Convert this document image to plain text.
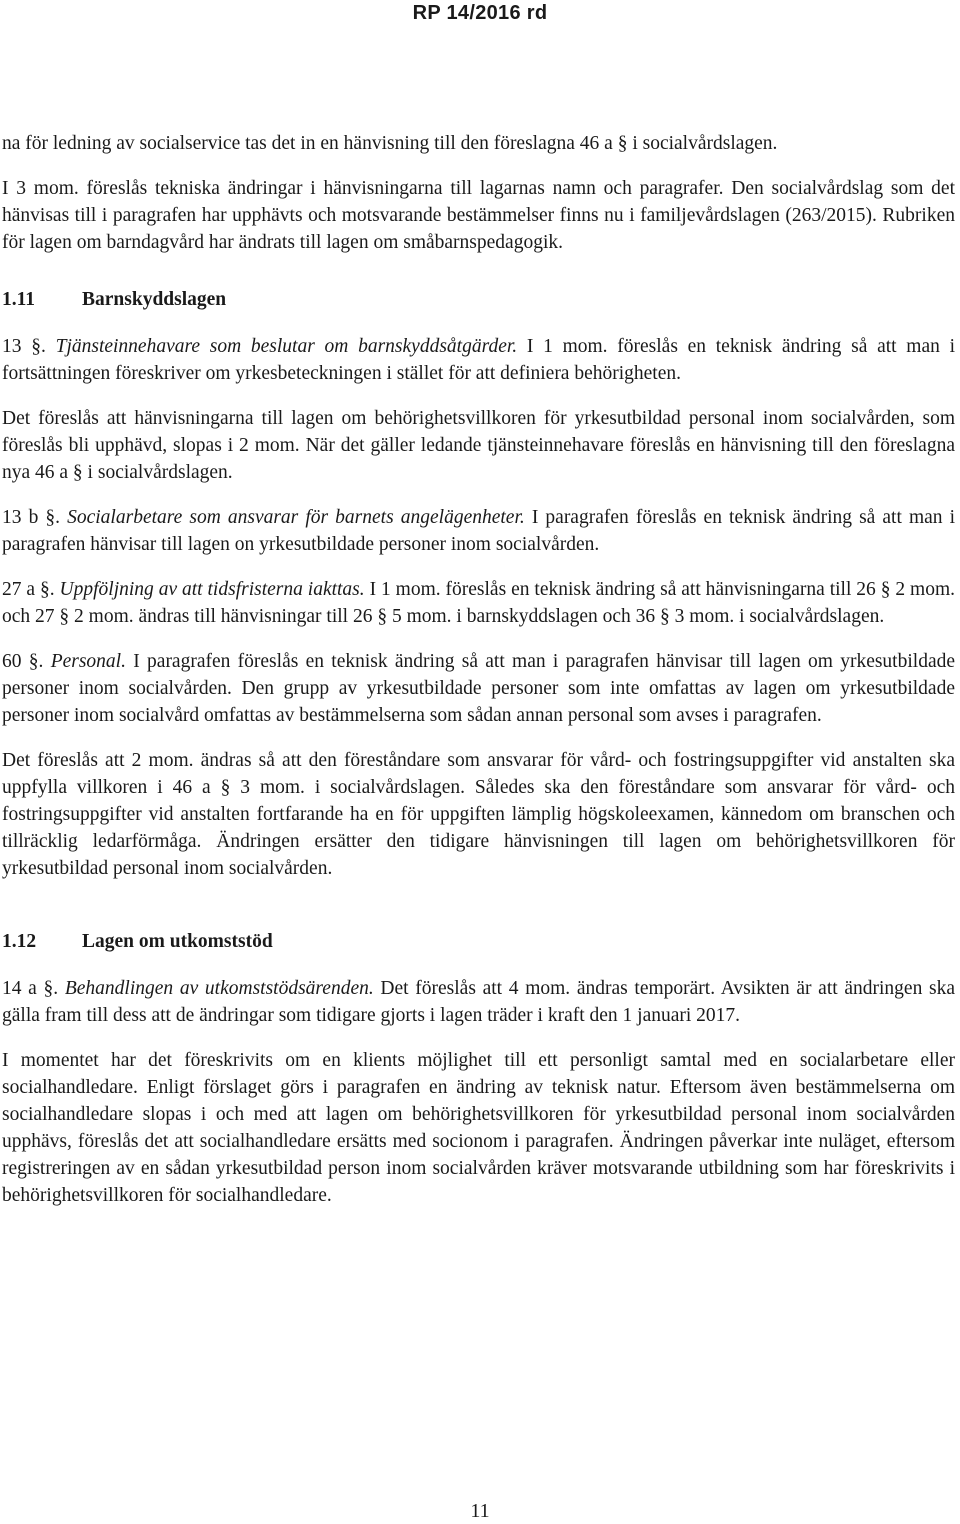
RP 14/2016 rd

na för ledning av socialservice tas det in en hänvisning till den föreslagna 46 a § i socialvårdslagen.

I 3 mom. föreslås tekniska ändringar i hänvisningarna till lagarnas namn och paragrafer. Den socialvårdslag som det hänvisas till i paragrafen har upphävts och motsvarande bestämmelser finns nu i familjevårdslagen (263/2015). Rubriken för lagen om barndagvård har ändrats till lagen om småbarnspedagogik.

1.11 Barnskyddslagen

13 §. Tjänsteinnehavare som beslutar om barnskyddsåtgärder. I 1 mom. föreslås en teknisk ändring så att man i fortsättningen föreskriver om yrkesbeteckningen i stället för att definiera behörigheten.

Det föreslås att hänvisningarna till lagen om behörighetsvillkoren för yrkesutbildad personal inom socialvården, som föreslås bli upphävd, slopas i 2 mom. När det gäller ledande tjänsteinnehavare föreslås en hänvisning till den föreslagna nya 46 a § i socialvårdslagen.

13 b §. Socialarbetare som ansvarar för barnets angelägenheter. I paragrafen föreslås en teknisk ändring så att man i paragrafen hänvisar till lagen on yrkesutbildade personer inom socialvården.

27 a §. Uppföljning av att tidsfristerna iakttas. I 1 mom. föreslås en teknisk ändring så att hänvisningarna till 26 § 2 mom. och 27 § 2 mom. ändras till hänvisningar till 26 § 5 mom. i barnskyddslagen och 36 § 3 mom. i socialvårdslagen.

60 §. Personal. I paragrafen föreslås en teknisk ändring så att man i paragrafen hänvisar till lagen om yrkesutbildade personer inom socialvården. Den grupp av yrkesutbildade personer som inte omfattas av lagen om yrkesutbildade personer inom socialvård omfattas av bestämmelserna som sådan annan personal som avses i paragrafen.

Det föreslås att 2 mom. ändras så att den föreståndare som ansvarar för vård- och fostringsuppgifter vid anstalten ska uppfylla villkoren i 46 a § 3 mom. i socialvårdslagen. Således ska den föreståndare som ansvarar för vård- och fostringsuppgifter vid anstalten fortfarande ha en för uppgiften lämplig högskoleexamen, kännedom om branschen och tillräcklig ledarförmåga. Ändringen ersätter den tidigare hänvisningen till lagen om behörighetsvillkoren för yrkesutbildad personal inom socialvården.

1.12 Lagen om utkomststöd

14 a §. Behandlingen av utkomststödsärenden. Det föreslås att 4 mom. ändras temporärt. Avsikten är att ändringen ska gälla fram till dess att de ändringar som tidigare gjorts i lagen träder i kraft den 1 januari 2017.

I momentet har det föreskrivits om en klients möjlighet till ett personligt samtal med en socialarbetare eller socialhandledare. Enligt förslaget görs i paragrafen en ändring av teknisk natur. Eftersom även bestämmelserna om socialhandledare slopas i och med att lagen om behörighetsvillkoren för yrkesutbildad personal inom socialvården upphävs, föreslås det att socialhandledare ersätts med socionom i paragrafen. Ändringen påverkar inte nuläget, eftersom registreringen av en sådan yrkesutbildad person inom socialvården kräver motsvarande utbildning som har föreskrivits i behörighetsvillkoren för socialhandledare.

11
